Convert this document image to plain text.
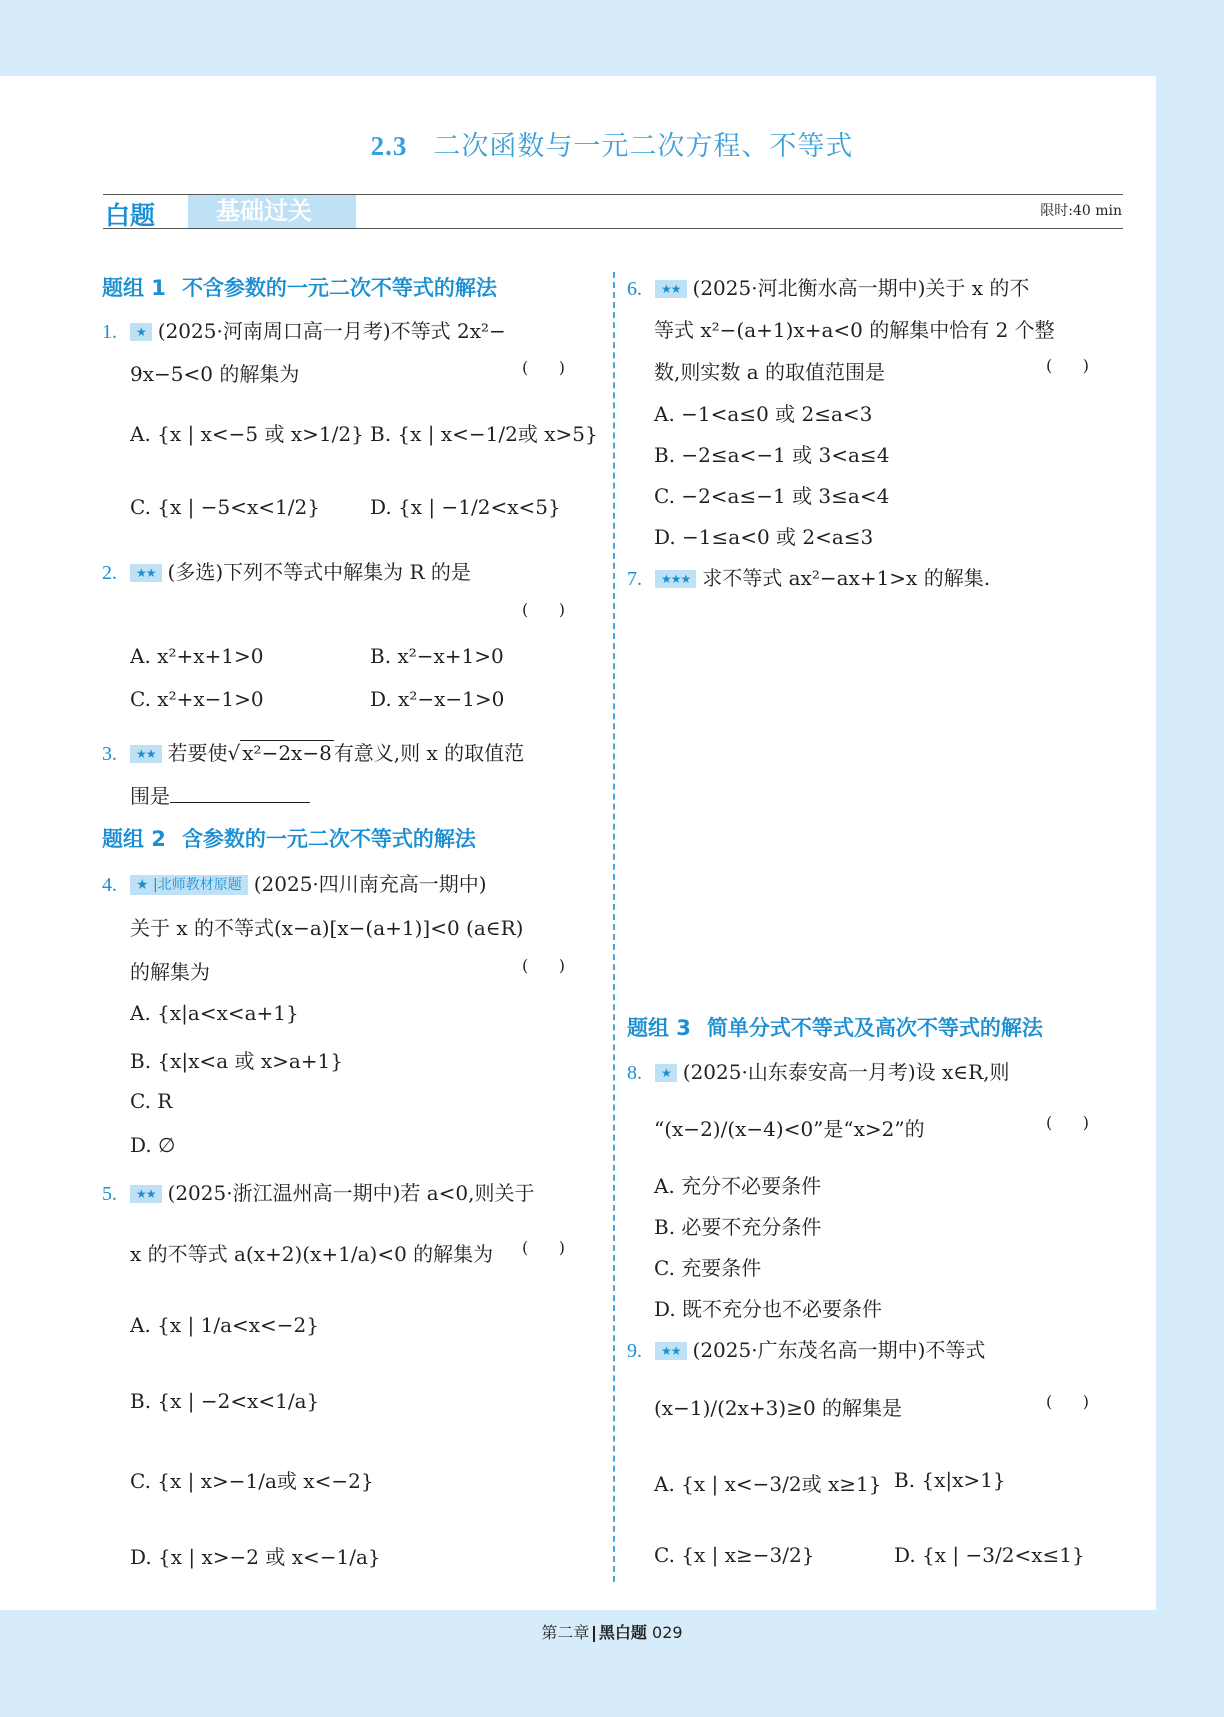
2.3 二次函数与一元二次方程、不等式
白题	基础过关	限时:40 min
题组 1 不含参数的一元二次不等式的解法
1. ★ (2025·河南周口高一月考)不等式 2x²−
9x−5<0 的解集为	(      )
A. {x | x<−5 或 x>1/2} B. {x | x<−1/2或 x>5}
C. {x | −5<x<1/2}	D. {x | −1/2<x<5}
2. ★★ (多选)下列不等式中解集为 R 的是
(      )
A. x²+x+1>0	B. x²−x+1>0
C. x²+x−1>0	D. x²−x−1>0
3. ★★ 若要使√ x²−2x−8 有意义,则 x 的取值范
围是
题组 2 含参数的一元二次不等式的解法
4. ★ |北师教材原题 (2025·四川南充高一期中)
关于 x 的不等式(x−a)[x−(a+1)]<0 (a∈R)
的解集为	(      )
A. {x|a<x<a+1}
B. {x|x<a 或 x>a+1}
C. R
D. ∅
5. ★★ (2025·浙江温州高一期中)若 a<0,则关于
x 的不等式 a(x+2)(x+1/a)<0 的解集为 (      )
A. {x | 1/a<x<−2}
B. {x | −2<x<1/a}
C. {x | x>−1/a或 x<−2}
D. {x | x>−2 或 x<−1/a}
6. ★★ (2025·河北衡水高一期中)关于 x 的不
等式 x²−(a+1)x+a<0 的解集中恰有 2 个整
数,则实数 a 的取值范围是	(      )
A. −1<a≤0 或 2≤a<3
B. −2≤a<−1 或 3<a≤4
C. −2<a≤−1 或 3≤a<4
D. −1≤a<0 或 2<a≤3
7. ★★★ 求不等式 ax²−ax+1>x 的解集.
题组 3 简单分式不等式及高次不等式的解法
8. ★ (2025·山东泰安高一月考)设 x∈R,则
“(x−2)/(x−4)<0”是“x>2”的	(      )
A. 充分不必要条件
B. 必要不充分条件
C. 充要条件
D. 既不充分也不必要条件
9. ★★ (2025·广东茂名高一期中)不等式
(x−1)/(2x+3)≥0 的解集是	(      )
A. {x | x<−3/2或 x≥1} B. {x|x>1}
C. {x | x≥−3/2}	D. {x | −3/2<x≤1}
第二章 黑白题 029
